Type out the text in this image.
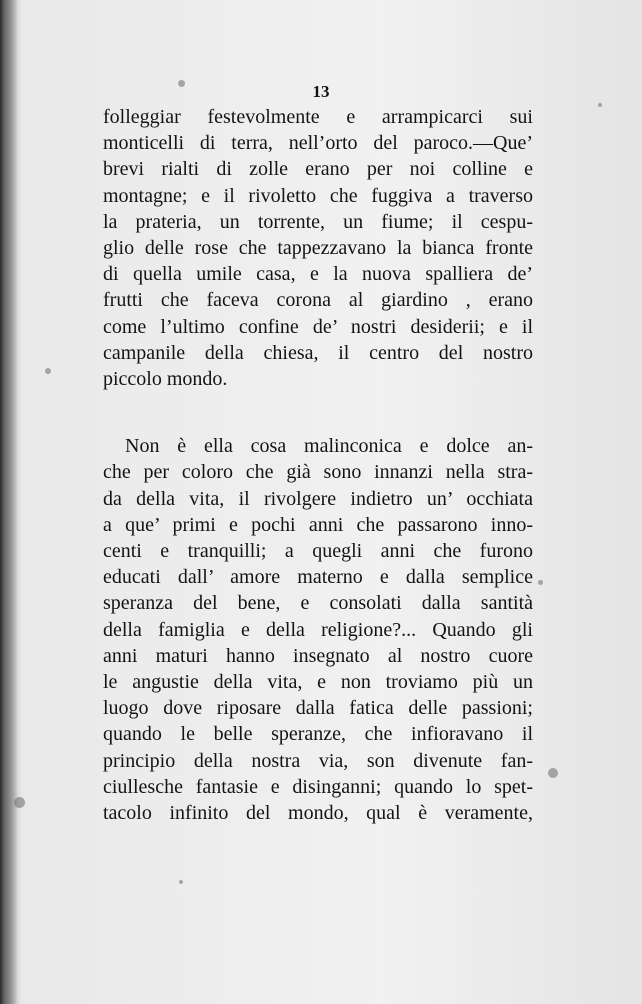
13

folleggiar festevolmente e arrampicarci sui
monticelli di terra, nell’orto del paroco.—Que’
brevi rialti di zolle erano per noi colline e
montagne; e il rivoletto che fuggiva a traverso
la prateria, un torrente, un fiume; il cespu-
glio delle rose che tappezzavano la bianca fronte
di quella umile casa, e la nuova spalliera de’
frutti che faceva corona al giardino , erano
come l’ultimo confine de’ nostri desiderii; e il
campanile della chiesa, il centro del nostro
piccolo mondo.

Non è ella cosa malinconica e dolce an-
che per coloro che già sono innanzi nella stra-
da della vita, il rivolgere indietro un’ occhiata
a que’ primi e pochi anni che passarono inno-
centi e tranquilli; a quegli anni che furono
educati dall’ amore materno e dalla semplice
speranza del bene, e consolati dalla santità
della famiglia e della religione?... Quando gli
anni maturi hanno insegnato al nostro cuore
le angustie della vita, e non troviamo più un
luogo dove riposare dalla fatica delle passioni;
quando le belle speranze, che infioravano il
principio della nostra via, son divenute fan-
ciullesche fantasie e disinganni; quando lo spet-
tacolo infinito del mondo, qual è veramente,
